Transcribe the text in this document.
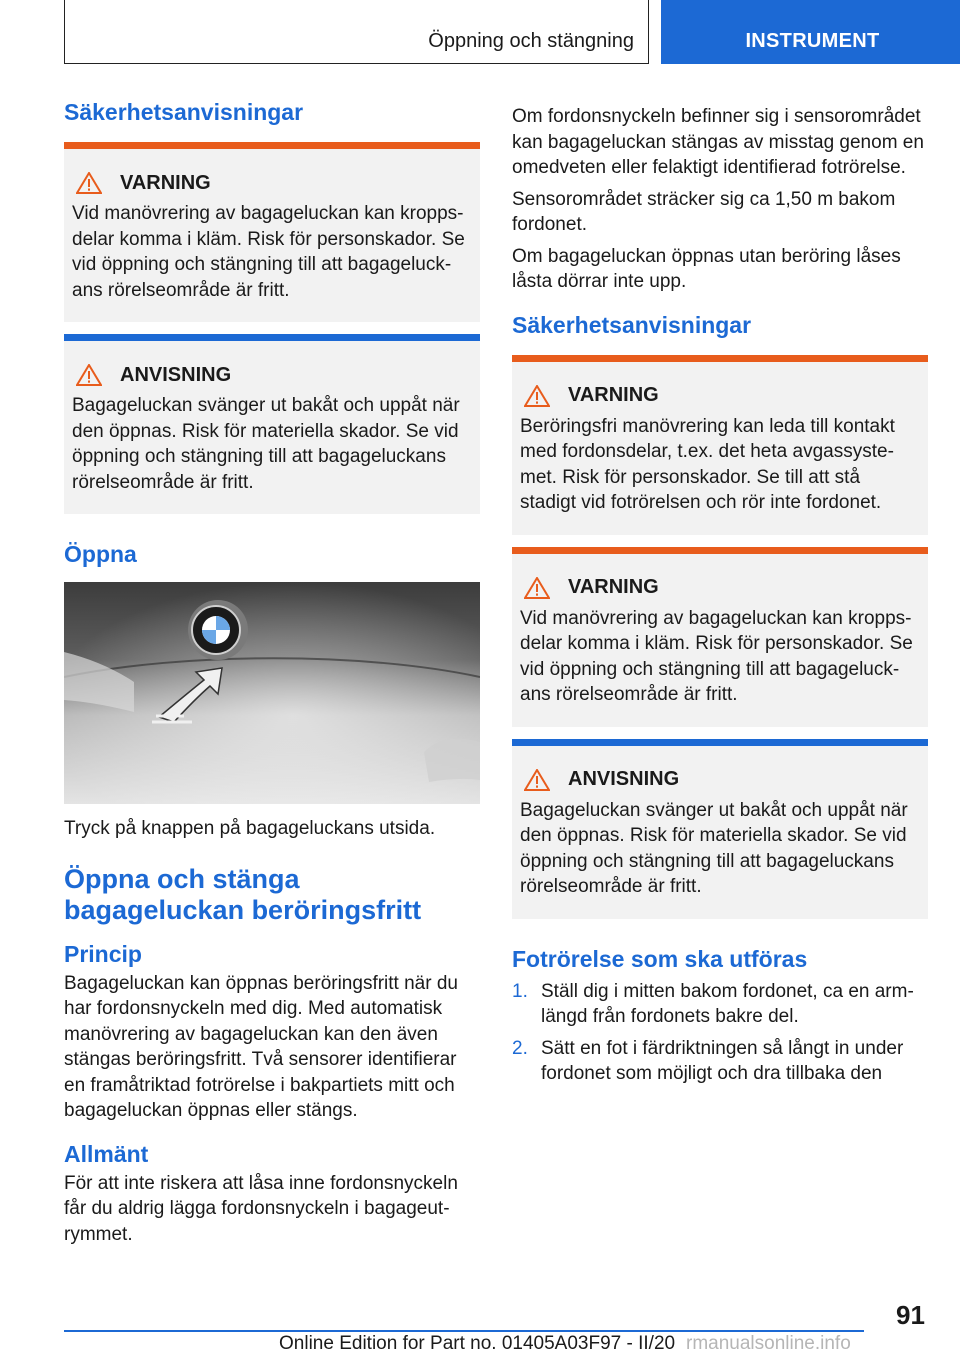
Öppning och stängning	INSTRUMENT
Säkerhetsanvisningar
VARNING

Vid manövrering av bagageluckan kan kroppsdelar komma i kläm. Risk för personskador. Se vid öppning och stängning till att bagageluckans rörelseområde är fritt.

ANVISNING

Bagageluckan svänger ut bakåt och uppåt när den öppnas. Risk för materiella skador. Se vid öppning och stängning till att bagageluckans rörelseområde är fritt.

Öppna

Tryck på knappen på bagageluckans utsida.

Öppna och stänga bagageluckan beröringsfritt
Princip

Bagageluckan kan öppnas beröringsfritt när du har fordonsnyckeln med dig. Med automatisk manövrering av bagageluckan kan den även stängas beröringsfritt. Två sensorer identifierar en framåtriktad fotrörelse i bakpartiets mitt och bagageluckan öppnas eller stängs.

Allmänt

För att inte riskera att låsa inne fordonsnyckeln får du aldrig lägga fordonsnyckeln i bagageutrymmet.

Om fordonsnyckeln befinner sig i sensorområdet kan bagageluckan stängas av misstag genom en omedveten eller felaktigt identifierad fotrörelse.

Sensorområdet sträcker sig ca 1,50 m bakom fordonet.

Om bagageluckan öppnas utan beröring låses låsta dörrar inte upp.

Säkerhetsanvisningar
VARNING

Beröringsfri manövrering kan leda till kontakt med fordonsdelar, t.ex. det heta avgassystemet. Risk för personskador. Se till att stå stadigt vid fotrörelsen och rör inte fordonet.

VARNING

Vid manövrering av bagageluckan kan kroppsdelar komma i kläm. Risk för personskador. Se vid öppning och stängning till att bagageluckans rörelseområde är fritt.

ANVISNING

Bagageluckan svänger ut bakåt och uppåt när den öppnas. Risk för materiella skador. Se vid öppning och stängning till att bagageluckans rörelseområde är fritt.

Fotrörelse som ska utföras
1. Ställ dig i mitten bakom fordonet, ca en armlängd från fordonets bakre del.
2. Sätt en fot i färdriktningen så långt in under fordonet som möjligt och dra tillbaka den
91
Online Edition for Part no. 01405A03F97 - II/20 rmanualsonline.info
